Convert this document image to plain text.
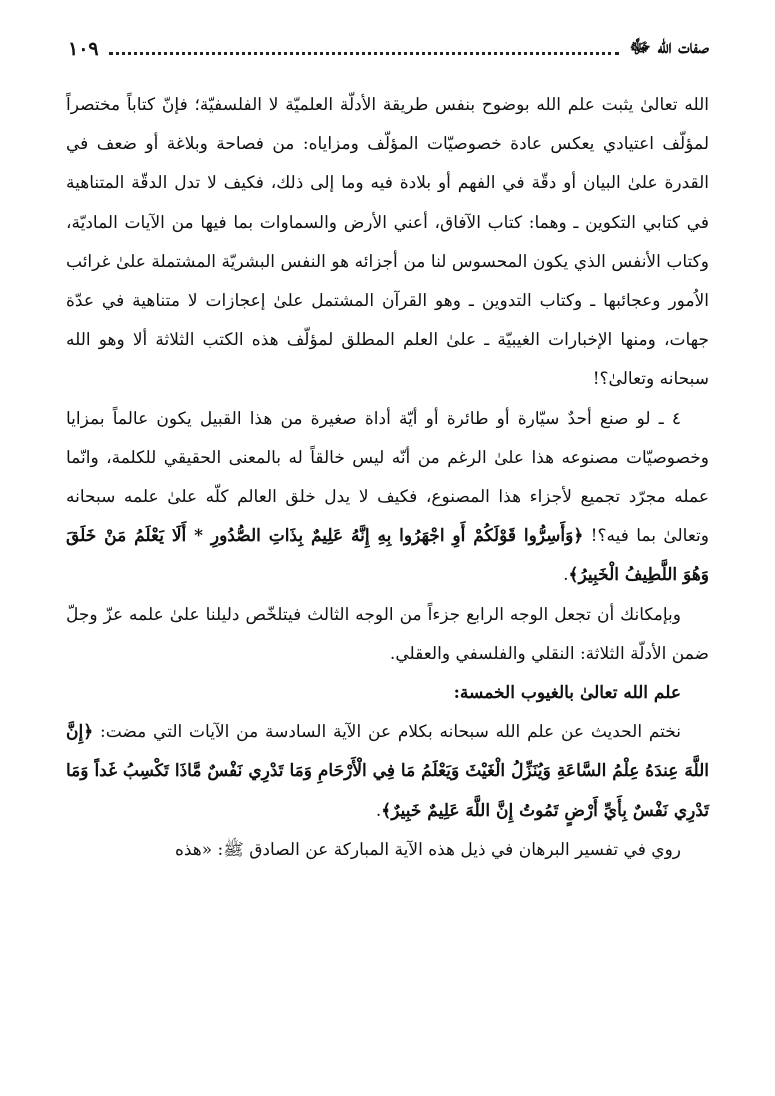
صفات الله ﷻ
١٠٩

الله تعالىٰ يثبت علم الله بوضوح بنفس طريقة الأدلّة العلميّة لا الفلسفيّة؛ فإنّ كتاباً مختصراً لمؤلّف اعتيادي يعكس عادة خصوصيّات المؤلّف ومزاياه: من فصاحة وبلاغة أو ضعف في القدرة علىٰ البيان أو دقّة في الفهم أو بلادة فيه وما إلى ذلك، فكيف لا تدل الدقّة المتناهية في كتابي التكوين ـ وهما: كتاب الآفاق، أعني الأرض والسماوات بما فيها من الآيات الماديّة، وكتاب الأنفس الذي يكون المحسوس لنا من أجزائه هو النفس البشريّة المشتملة علىٰ غرائب الاُمور وعجائبها ـ وكتاب التدوين ـ وهو القرآن المشتمل علىٰ إعجازات لا متناهية في عدّة جهات، ومنها الإخبارات الغيبيّة ـ علىٰ العلم المطلق لمؤلّف هذه الكتب الثلاثة ألا وهو الله سبحانه وتعالىٰ؟!

٤ ـ لو صنع أحدٌ سيّارة أو طائرة أو أيّة أداة صغيرة من هذا القبيل يكون عالماً بمزايا وخصوصيّات مصنوعه هذا علىٰ الرغم من أنّه ليس خالقاً له بالمعنى الحقيقي للكلمة، وانّما عمله مجرّد تجميع لأجزاء هذا المصنوع، فكيف لا يدل خلق العالم كلّه علىٰ علمه سبحانه وتعالىٰ بما فيه؟! ﴿وَأَسِرُّوا قَوْلَكُمْ أَوِ اجْهَرُوا بِهِ إِنَّهُ عَلِيمٌ بِذَاتِ الصُّدُورِ * أَلَا يَعْلَمُ مَنْ خَلَقَ وَهُوَ اللَّطِيفُ الْخَبِيرُ﴾.

وبإمكانك أن تجعل الوجه الرابع جزءاً من الوجه الثالث فيتلخّص دليلنا علىٰ علمه عزّ وجلّ ضمن الأدلّة الثلاثة: النقلي والفلسفي والعقلي.

علم الله تعالىٰ بالغيوب الخمسة:

نختم الحديث عن علم الله سبحانه بكلام عن الآية السادسة من الآيات التي مضت: ﴿إِنَّ اللَّهَ عِندَهُ عِلْمُ السَّاعَةِ وَيُنَزِّلُ الْغَيْثَ وَيَعْلَمُ مَا فِي الْأَرْحَامِ وَمَا تَدْرِي نَفْسٌ مَّاذَا تَكْسِبُ غَداً وَمَا تَدْرِي نَفْسٌ بِأَيِّ أَرْضٍ تَمُوتُ إِنَّ اللَّهَ عَلِيمٌ خَبِيرٌ﴾.

روي في تفسير البرهان في ذيل هذه الآية المباركة عن الصادق ﷺ: «هذه
